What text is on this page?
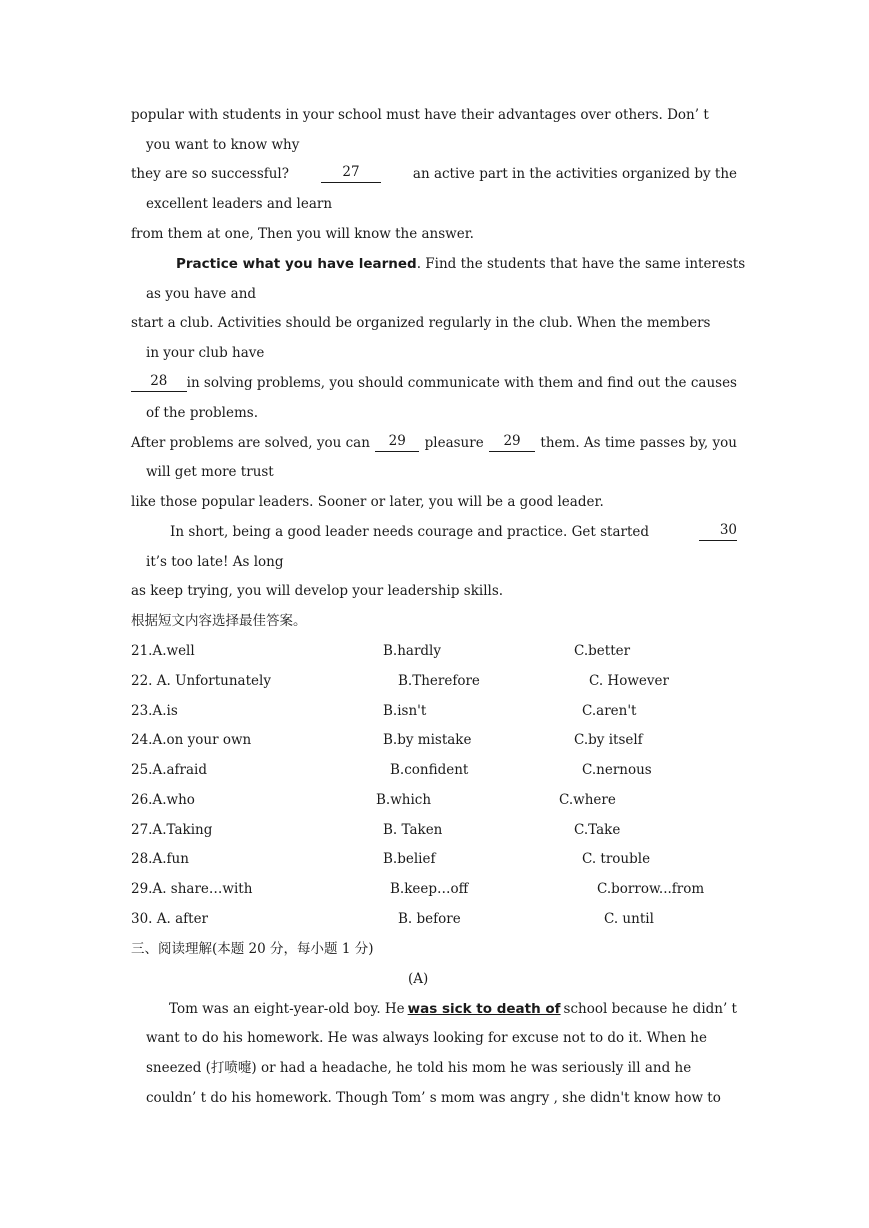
popular with students in your school must have their advantages over others. Don’ t
you want to know why
they are so successful?	27	an active part in the activities organized by the
excellent leaders and learn
from them at one, Then you will know the answer.
Practice what you have learned. Find the students that have the same interests
as you have and
start a club. Activities should be organized regularly in the club. When the members
in your club have
28	in solving problems, you should communicate with them and find out the causes
of the problems.
After problems are solved, you can	29	pleasure	29	them. As time passes by, you
will get more trust
like those popular leaders. Sooner or later, you will be a good leader.
In short, being a good leader needs courage and practice. Get started	30
it’s too late! As long
as keep trying, you will develop your leadership skills.
根据短文内容选择最佳答案。
21.A.well	B.hardly	C.better
22. A. Unfortunately	B.Therefore	C. However
23.A.is	B.isn't	C.aren't
24.A.on your own	B.by mistake	C.by itself
25.A.afraid	B.confident	C.nernous
26.A.who	B.which	C.where
27.A.Taking	B. Taken	C.Take
28.A.fun	B.belief	C. trouble
29.A. share…with	B.keep…off	C.borrow...from
30. A. after	B. before	C. until
三、阅读理解(本题 20 分，每小题 1 分)
(A)
Tom was an eight-year-old boy. He was sick to death of school because he didn’ t
want to do his homework. He was always looking for excuse not to do it. When he
sneezed (打喷嚏) or had a headache, he told his mom he was seriously ill and he
couldn’ t do his homework. Though Tom’ s mom was angry , she didn't know how to
